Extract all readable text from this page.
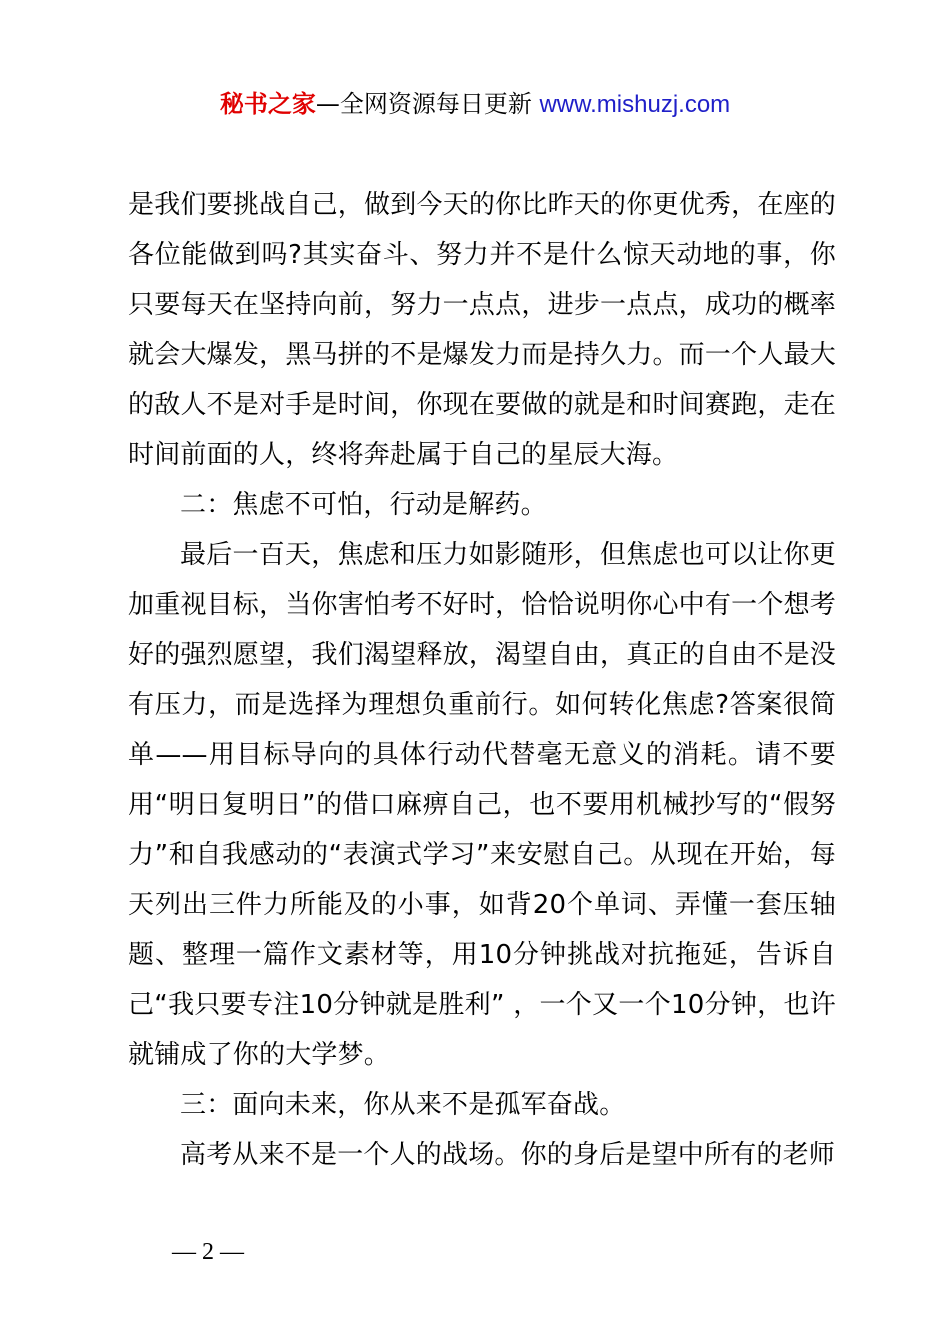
秘书之家—全网资源每日更新 www.mishuzj.com

是我们要挑战自己，做到今天的你比昨天的你更优秀，在座的各位能做到吗?其实奋斗、努力并不是什么惊天动地的事，你只要每天在坚持向前，努力一点点，进步一点点，成功的概率就会大爆发，黑马拼的不是爆发力而是持久力。而一个人最大的敌人不是对手是时间，你现在要做的就是和时间赛跑，走在时间前面的人，终将奔赴属于自己的星辰大海。

二：焦虑不可怕，行动是解药。

最后一百天，焦虑和压力如影随形，但焦虑也可以让你更加重视目标，当你害怕考不好时，恰恰说明你心中有一个想考好的强烈愿望，我们渴望释放，渴望自由，真正的自由不是没有压力，而是选择为理想负重前行。如何转化焦虑?答案很简单——用目标导向的具体行动代替毫无意义的消耗。请不要用“明日复明日”的借口麻痹自己，也不要用机械抄写的“假努力”和自我感动的“表演式学习”来安慰自己。从现在开始，每天列出三件力所能及的小事，如背20个单词、弄懂一套压轴题、整理一篇作文素材等，用10分钟挑战对抗拖延，告诉自己“我只要专注10分钟就是胜利” ，一个又一个10分钟，也许就铺成了你的大学梦。

三：面向未来，你从来不是孤军奋战。

高考从来不是一个人的战场。你的身后是望中所有的老师

— 2 —
